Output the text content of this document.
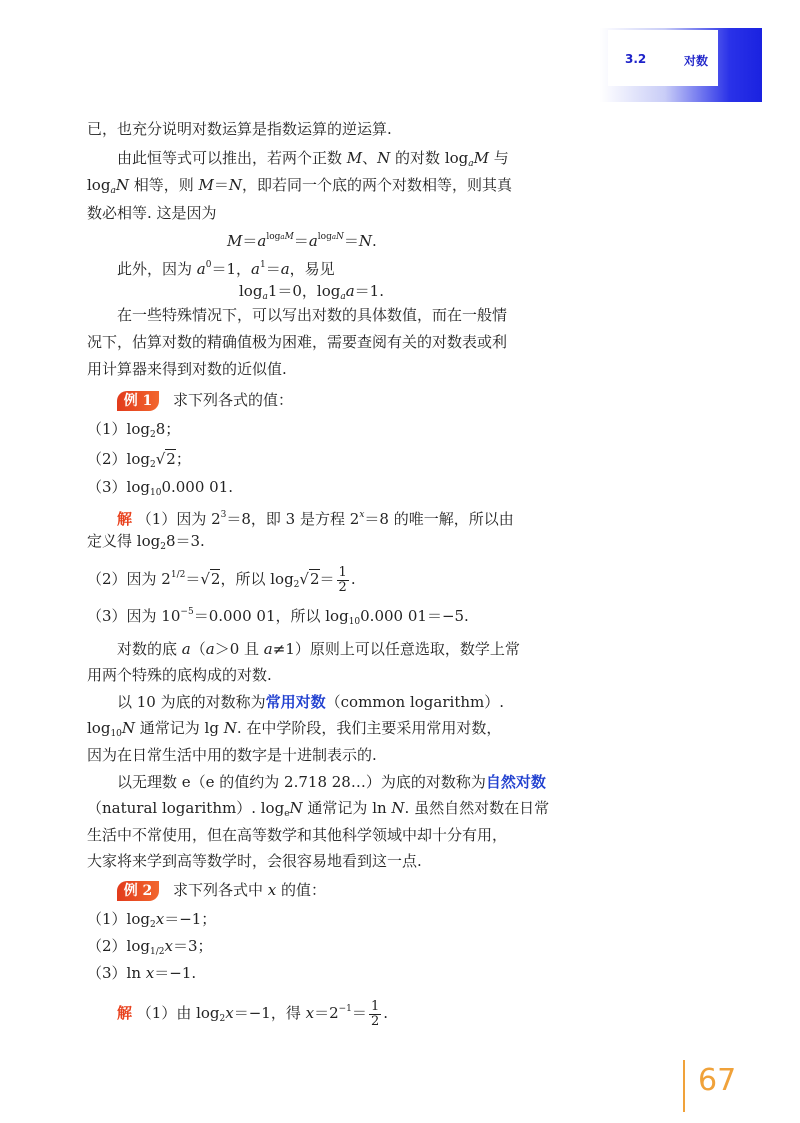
3.2	对数
已，也充分说明对数运算是指数运算的逆运算.
由此恒等式可以推出，若两个正数 M、N 的对数 $\log_aM$ 与
$\log_aN$ 相等，则 M＝N，即若同一个底的两个对数相等，则其真
数必相等. 这是因为
$M=a^{logaM}=a^{logaN}=N$.
此外，因为 $a^0=1$，$a^1=a$，易见
$\log_a1=0$，$\log_aa=1$.
在一些特殊情况下，可以写出对数的具体数值，而在一般情
况下，估算对数的精确值极为困难，需要查阅有关的对数表或利
用计算器来得到对数的近似值.
例 1 求下列各式的值：
$(1)\log_28$；
$(2)\log_2√2$；
$(3)\log_{10}0.000$ 01.
解 （1）因为 $2^3=8$，即 3 是方程 $2^x=8$ 的唯一解，所以由
定义得 $\log_28=3$.
（2）因为 $2^{1/2}=√2$，所以 $\log_2√2= \frac{1}{2}$ .
（3）因为 $10^{-5}=0.000$ 01，所以 $\log_{10}0.000$ 01＝−5.
对数的底 a（a＞0 且 a≠1）原则上可以任意选取，数学上常
用两个特殊的底构成的对数.
以 10 为底的对数称为常用对数（common logarithm）.
$\log_{10}N$ 通常记为 lg N. 在中学阶段，我们主要采用常用对数，
因为在日常生活中用的数字是十进制表示的.
以无理数 e（e 的值约为 2.718 28…）为底的对数称为自然对数
（natural logarithm）. $\log_eN$ 通常记为 ln N. 虽然自然对数在日常
生活中不常使用，但在高等数学和其他科学领域中却十分有用，
大家将来学到高等数学时，会很容易地看到这一点.
例 2 求下列各式中 x 的值：
$(1)\log_2x=-1$；
$(2)\log_{1/2}x=3$；
（3）ln x＝−1.
解 （1）由 $\log_2x=-1$，得 $x=2^{-1}= \frac{1}{2}$ .
67
